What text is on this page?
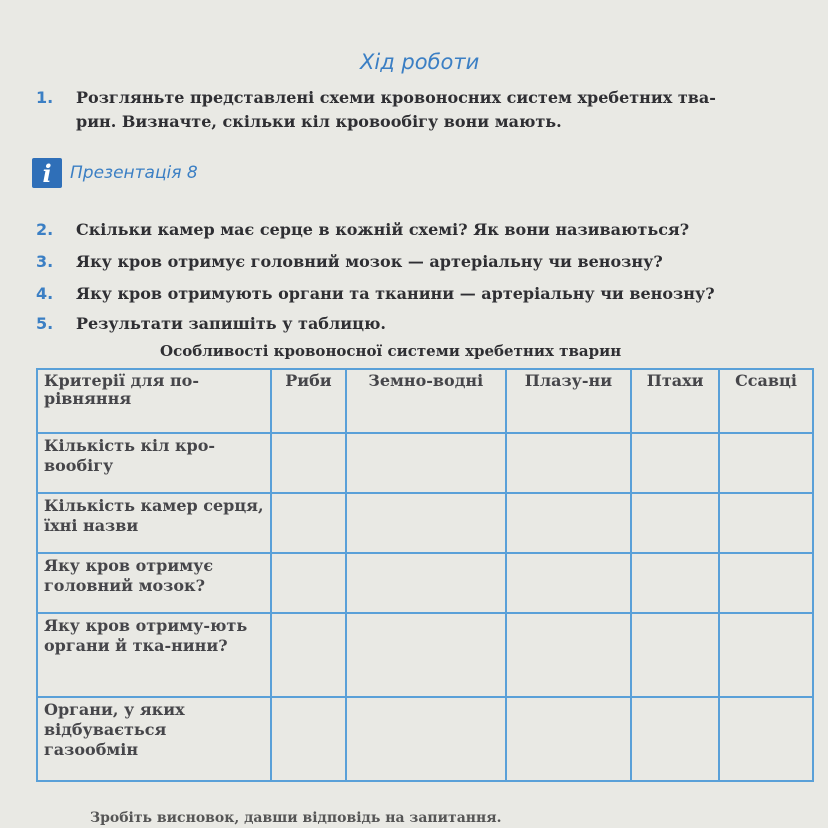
Хід роботи
1. Розгляньте представлені схеми кровоносних систем хребетних тва-
рин. Визначте, скільки кіл кровообігу вони мають.
i	Презентація 8
2. Скільки камер має серце в кожній схемі? Як вони називаються?
3. Яку кров отримує головний мозок — артеріальну чи венозну?
4. Яку кров отримують органи та тканини — артеріальну чи венозну?
5. Результати запишіть у таблицю.
Особливості кровоносної системи хребетних тварин
Критерії для по-рівняння	Риби	Земно-водні	Плазу-ни	Птахи	Ссавці
Кількість кіл кро-вообігу					
Кількість камер серця, їхні назви					
Яку кров отримує головний мозок?					
Яку кров отриму-ють органи й тка-нини?					
Органи, у яких відбувається газообмін					
Зробіть висновок, давши відповідь на запитання.
